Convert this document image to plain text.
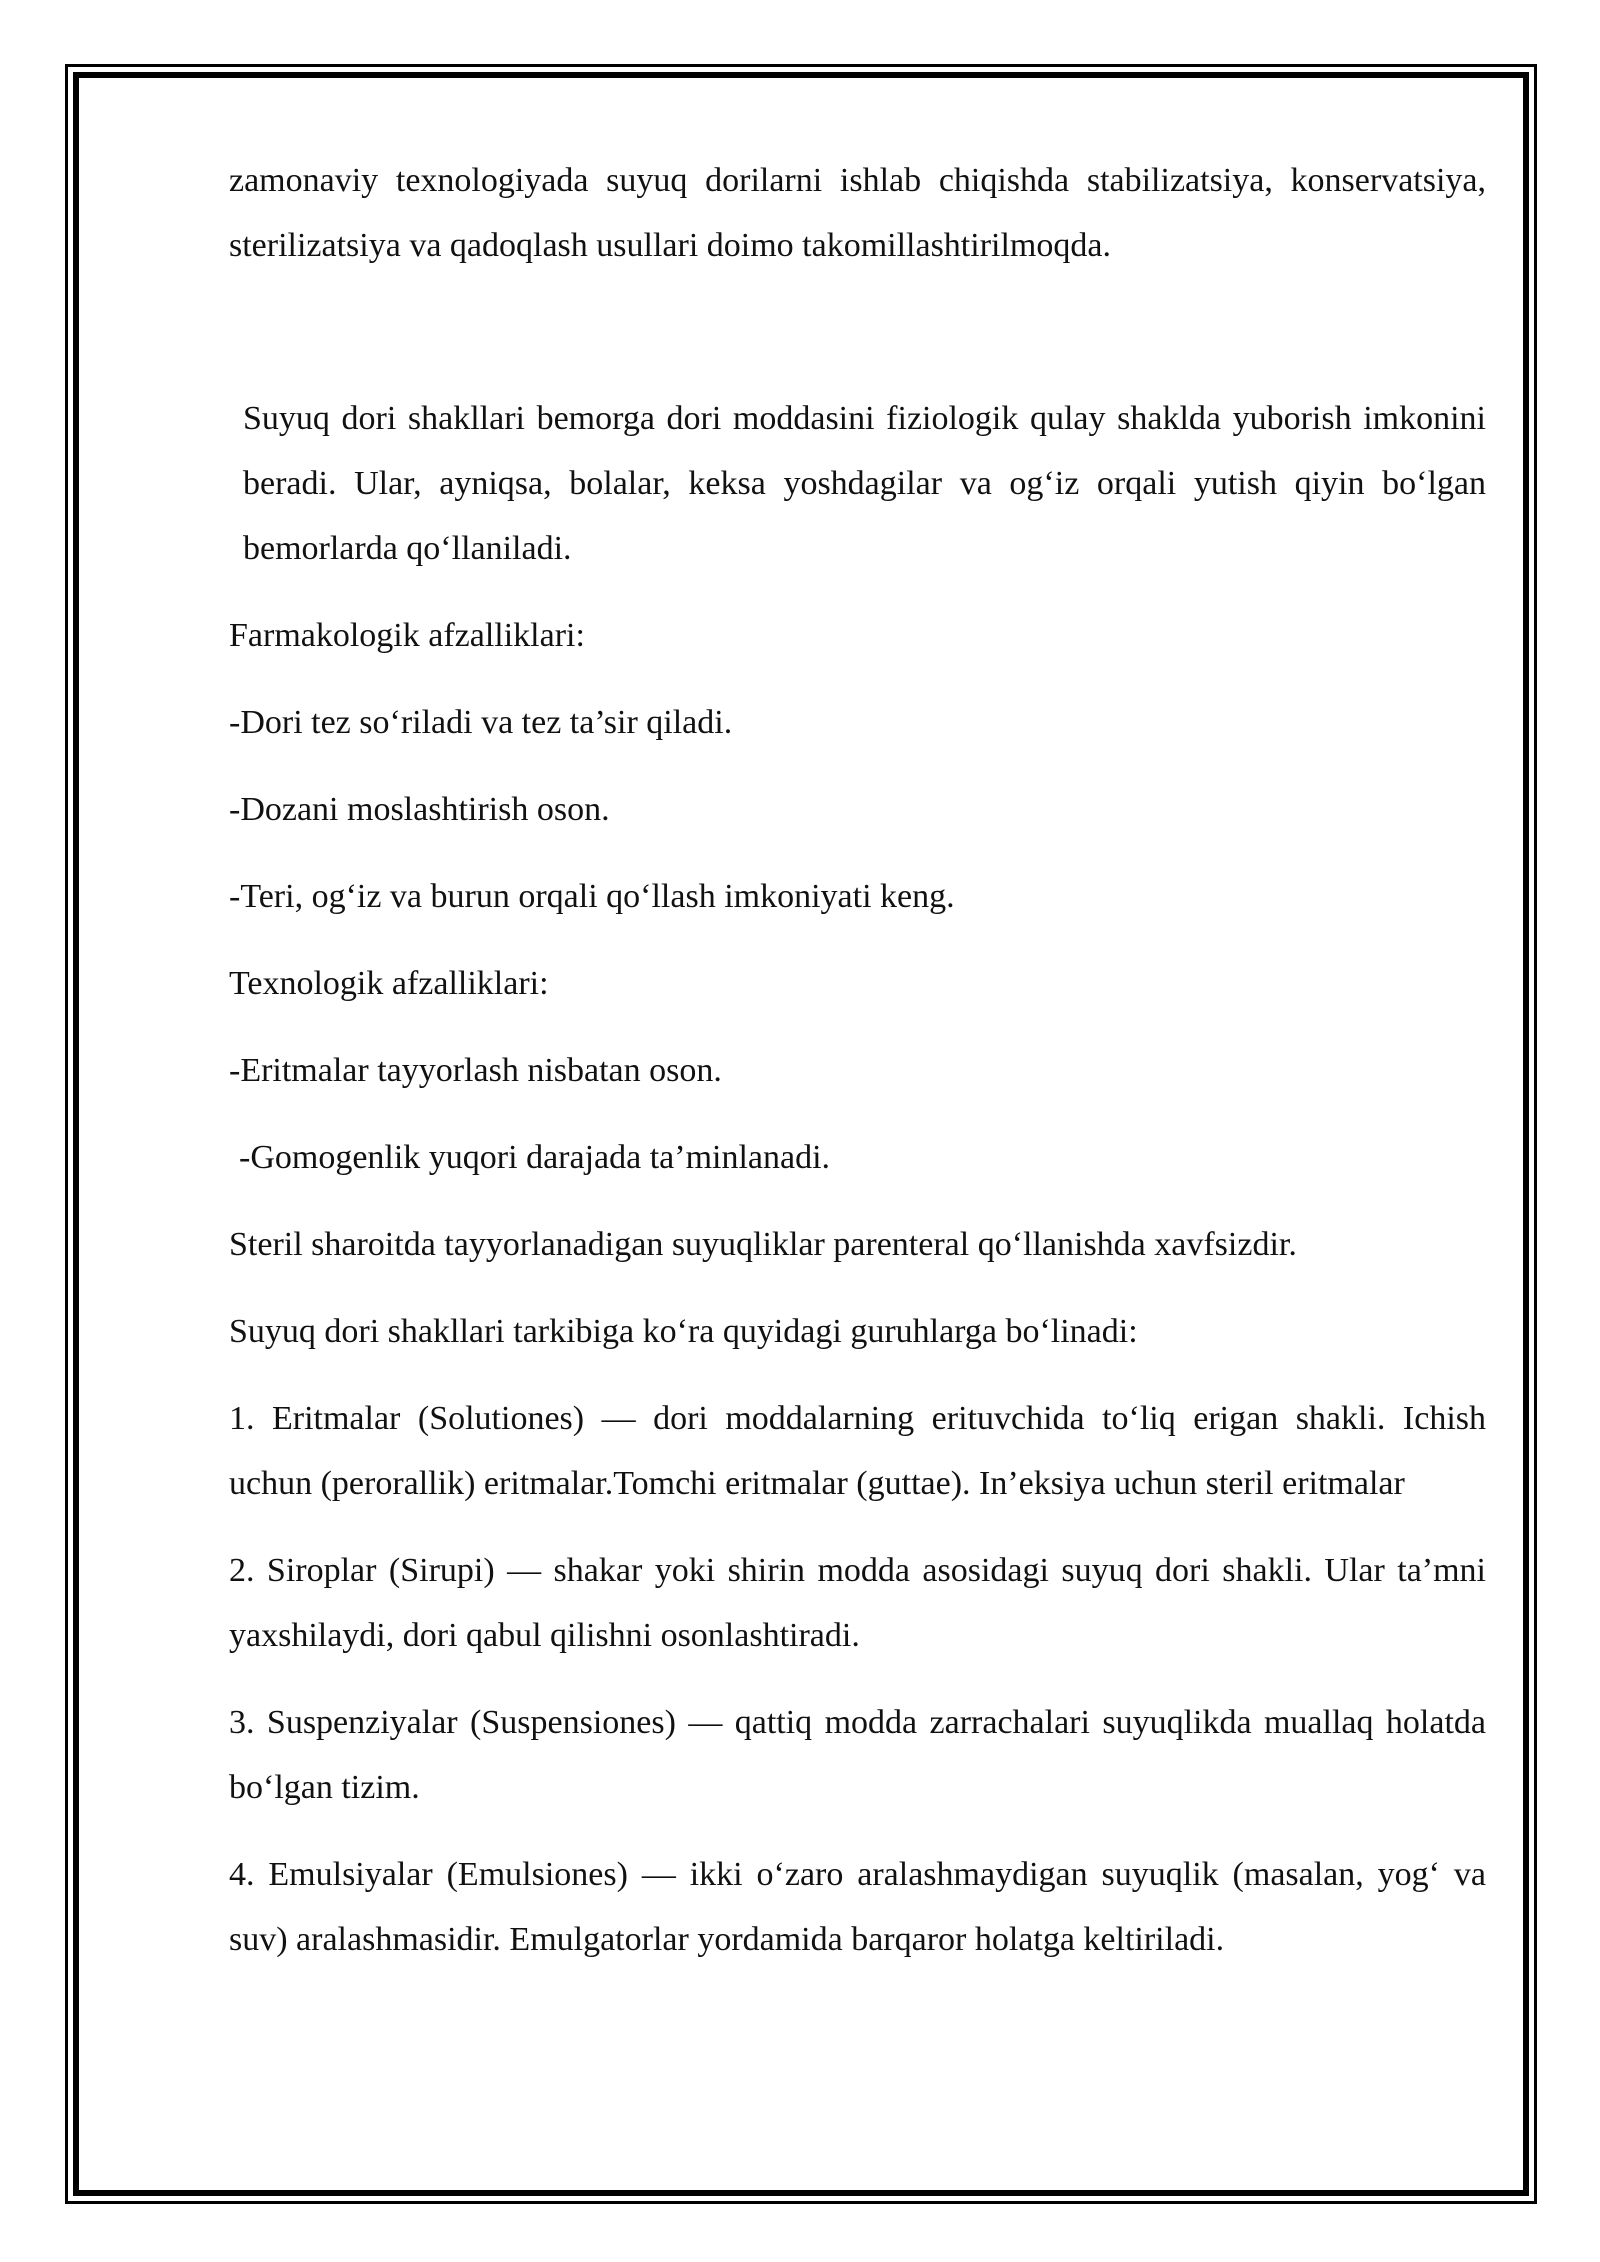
zamonaviy texnologiyada suyuq dorilarni ishlab chiqishda stabilizatsiya, konservatsiya, sterilizatsiya va qadoqlash usullari doimo takomillashtirilmoqda.

Suyuq dori shakllari bemorga dori moddasini fiziologik qulay shaklda yuborish imkonini beradi. Ular, ayniqsa, bolalar, keksa yoshdagilar va og‘iz orqali yutish qiyin bo‘lgan bemorlarda qo‘llaniladi.

Farmakologik afzalliklari:

-Dori tez so‘riladi va tez ta’sir qiladi.

-Dozani moslashtirish oson.

-Teri, og‘iz va burun orqali qo‘llash imkoniyati keng.

Texnologik afzalliklari:

-Eritmalar tayyorlash nisbatan oson.

-Gomogenlik yuqori darajada ta’minlanadi.

Steril sharoitda tayyorlanadigan suyuqliklar parenteral qo‘llanishda xavfsizdir.

Suyuq dori shakllari tarkibiga ko‘ra quyidagi guruhlarga bo‘linadi:

1. Eritmalar (Solutiones) — dori moddalarning erituvchida to‘liq erigan shakli. Ichish uchun (perorallik) eritmalar.Tomchi eritmalar (guttae). In’eksiya uchun steril eritmalar

2. Siroplar (Sirupi) — shakar yoki shirin modda asosidagi suyuq dori shakli. Ular ta’mni yaxshilaydi, dori qabul qilishni osonlashtiradi.

3. Suspenziyalar (Suspensiones) — qattiq modda zarrachalari suyuqlikda muallaq holatda bo‘lgan tizim.

4. Emulsiyalar (Emulsiones) — ikki o‘zaro aralashmaydigan suyuqlik (masalan, yog‘ va suv) aralashmasidir. Emulgatorlar yordamida barqaror holatga keltiriladi.
